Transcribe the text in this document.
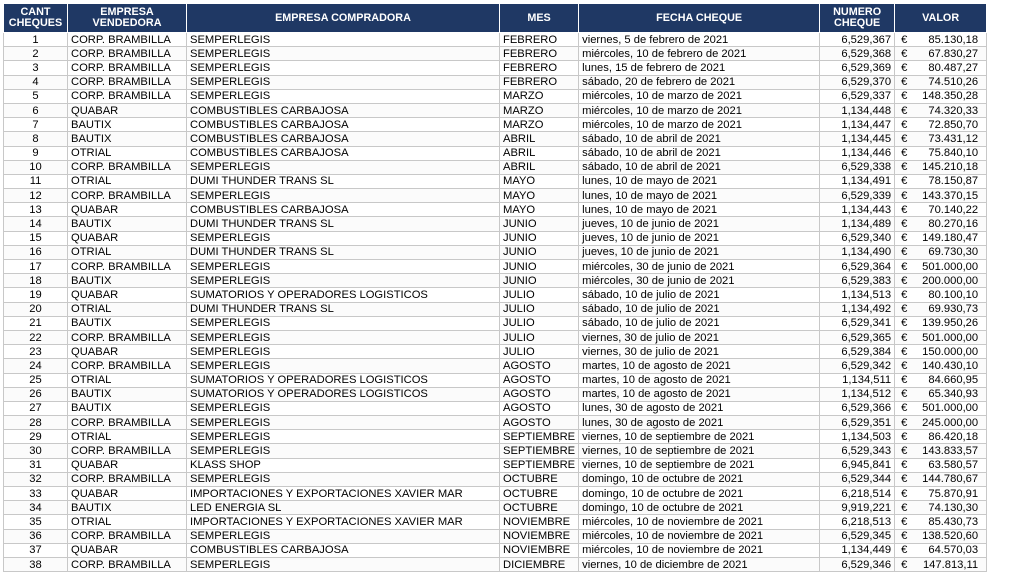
CANT CHEQUES	EMPRESA VENDEDORA	EMPRESA COMPRADORA	MES	FECHA CHEQUE	NUMERO CHEQUE	VALOR
1	CORP. BRAMBILLA	SEMPERLEGIS	FEBRERO	viernes, 5 de febrero de 2021	6,529,367	€ 85.130,18

2	CORP. BRAMBILLA	SEMPERLEGIS	FEBRERO	miércoles, 10 de febrero de 2021	6,529,368	€ 67.830,27

3	CORP. BRAMBILLA	SEMPERLEGIS	FEBRERO	lunes, 15 de febrero de 2021	6,529,369	€ 80.487,27

4	CORP. BRAMBILLA	SEMPERLEGIS	FEBRERO	sábado, 20 de febrero de 2021	6,529,370	€ 74.510,26

5	CORP. BRAMBILLA	SEMPERLEGIS	MARZO	miércoles, 10 de marzo de 2021	6,529,337	€ 148.350,28

6	QUABAR	COMBUSTIBLES CARBAJOSA	MARZO	miércoles, 10 de marzo de 2021	1,134,448	€ 74.320,33

7	BAUTIX	COMBUSTIBLES CARBAJOSA	MARZO	miércoles, 10 de marzo de 2021	1,134,447	€ 72.850,70

8	BAUTIX	COMBUSTIBLES CARBAJOSA	ABRIL	sábado, 10 de abril de 2021	1,134,445	€ 73.431,12

9	OTRIAL	COMBUSTIBLES CARBAJOSA	ABRIL	sábado, 10 de abril de 2021	1,134,446	€ 75.840,10

10	CORP. BRAMBILLA	SEMPERLEGIS	ABRIL	sábado, 10 de abril de 2021	6,529,338	€ 145.210,18

11	OTRIAL	DUMI THUNDER TRANS SL	MAYO	lunes, 10 de mayo de 2021	1,134,491	€ 78.150,87

12	CORP. BRAMBILLA	SEMPERLEGIS	MAYO	lunes, 10 de mayo de 2021	6,529,339	€ 143.370,15

13	QUABAR	COMBUSTIBLES CARBAJOSA	MAYO	lunes, 10 de mayo de 2021	1,134,443	€ 70.140,22

14	BAUTIX	DUMI THUNDER TRANS SL	JUNIO	jueves, 10 de junio de 2021	1,134,489	€ 80.270,16

15	QUABAR	SEMPERLEGIS	JUNIO	jueves, 10 de junio de 2021	6,529,340	€ 149.180,47

16	OTRIAL	DUMI THUNDER TRANS SL	JUNIO	jueves, 10 de junio de 2021	1,134,490	€ 69.730,30

17	CORP. BRAMBILLA	SEMPERLEGIS	JUNIO	miércoles, 30 de junio de 2021	6,529,364	€ 501.000,00

18	BAUTIX	SEMPERLEGIS	JUNIO	miércoles, 30 de junio de 2021	6,529,383	€ 200.000,00

19	QUABAR	SUMATORIOS Y OPERADORES LOGISTICOS	JULIO	sábado, 10 de julio de 2021	1,134,513	€ 80.100,10

20	OTRIAL	DUMI THUNDER TRANS SL	JULIO	sábado, 10 de julio de 2021	1,134,492	€ 69.930,73

21	BAUTIX	SEMPERLEGIS	JULIO	sábado, 10 de julio de 2021	6,529,341	€ 139.950,26

22	CORP. BRAMBILLA	SEMPERLEGIS	JULIO	viernes, 30 de julio de 2021	6,529,365	€ 501.000,00

23	QUABAR	SEMPERLEGIS	JULIO	viernes, 30 de julio de 2021	6,529,384	€ 150.000,00

24	CORP. BRAMBILLA	SEMPERLEGIS	AGOSTO	martes, 10 de agosto de 2021	6,529,342	€ 140.430,10

25	OTRIAL	SUMATORIOS Y OPERADORES LOGISTICOS	AGOSTO	martes, 10 de agosto de 2021	1,134,511	€ 84.660,95

26	BAUTIX	SUMATORIOS Y OPERADORES LOGISTICOS	AGOSTO	martes, 10 de agosto de 2021	1,134,512	€ 65.340,93

27	BAUTIX	SEMPERLEGIS	AGOSTO	lunes, 30 de agosto de 2021	6,529,366	€ 501.000,00

28	CORP. BRAMBILLA	SEMPERLEGIS	AGOSTO	lunes, 30 de agosto de 2021	6,529,351	€ 245.000,00

29	OTRIAL	SEMPERLEGIS	SEPTIEMBRE	viernes, 10 de septiembre de 2021	1,134,503	€ 86.420,18

30	CORP. BRAMBILLA	SEMPERLEGIS	SEPTIEMBRE	viernes, 10 de septiembre de 2021	6,529,343	€ 143.833,57

31	QUABAR	KLASS SHOP	SEPTIEMBRE	viernes, 10 de septiembre de 2021	6,945,841	€ 63.580,57

32	CORP. BRAMBILLA	SEMPERLEGIS	OCTUBRE	domingo, 10 de octubre de 2021	6,529,344	€ 144.780,67

33	QUABAR	IMPORTACIONES Y EXPORTACIONES XAVIER MAR	OCTUBRE	domingo, 10 de octubre de 2021	6,218,514	€ 75.870,91

34	BAUTIX	LED ENERGIA SL	OCTUBRE	domingo, 10 de octubre de 2021	9,919,221	€ 74.130,30

35	OTRIAL	IMPORTACIONES Y EXPORTACIONES XAVIER MAR	NOVIEMBRE	miércoles, 10 de noviembre de 2021	6,218,513	€ 85.430,73

36	CORP. BRAMBILLA	SEMPERLEGIS	NOVIEMBRE	miércoles, 10 de noviembre de 2021	6,529,345	€ 138.520,60

37	QUABAR	COMBUSTIBLES CARBAJOSA	NOVIEMBRE	miércoles, 10 de noviembre de 2021	1,134,449	€ 64.570,03

38	CORP. BRAMBILLA	SEMPERLEGIS	DICIEMBRE	viernes, 10 de diciembre de 2021	6,529,346	€ 147.813,11
